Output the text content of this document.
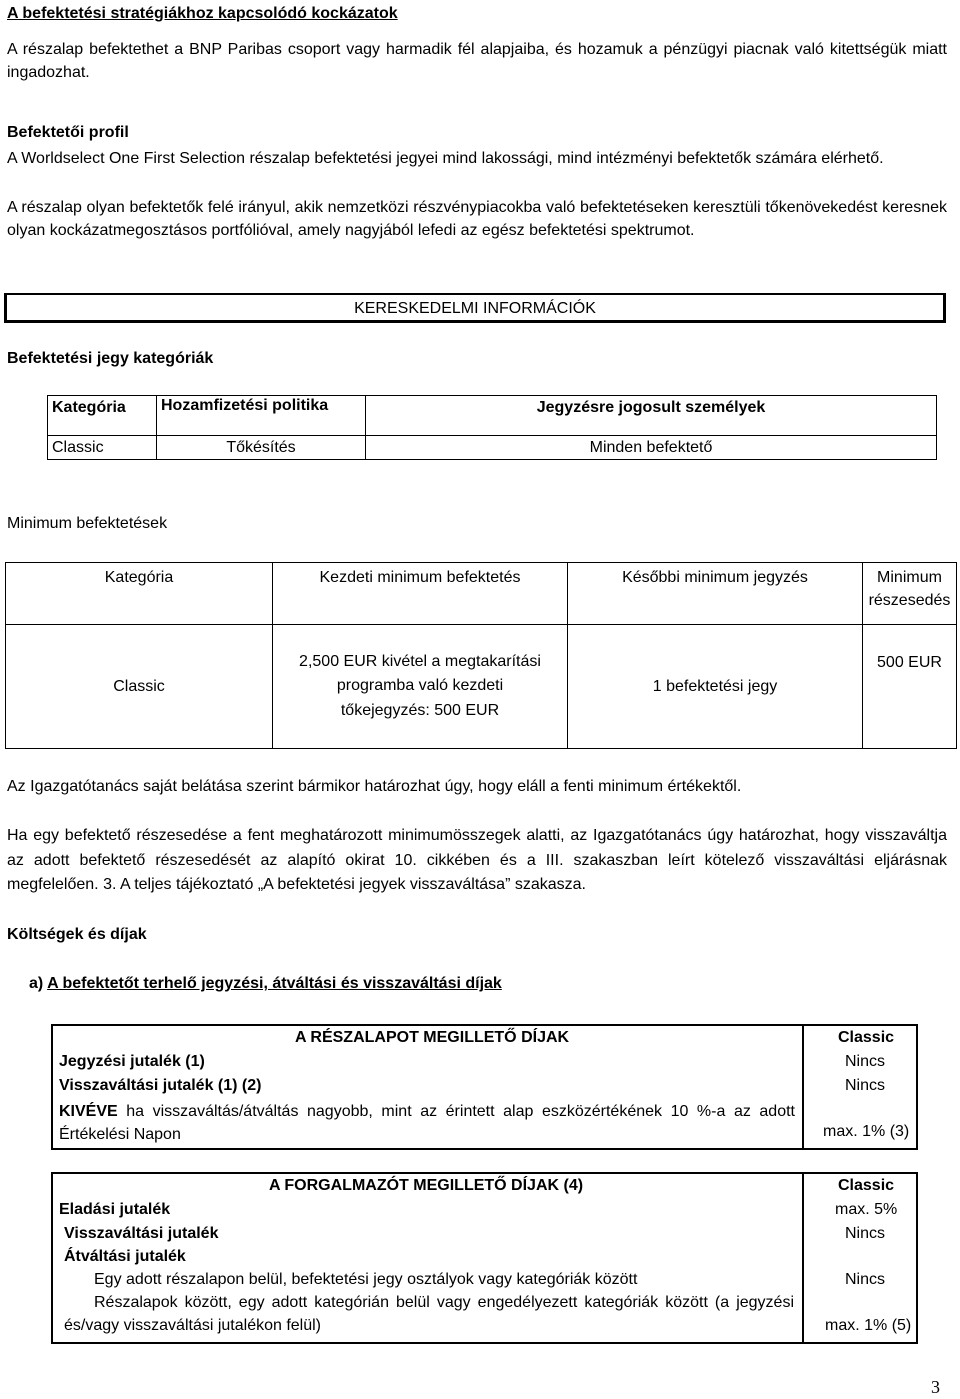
A befektetési stratégiákhoz kapcsolódó kockázatok

A részalap befektethet a BNP Paribas csoport vagy harmadik fél alapjaiba, és hozamuk a pénzügyi piacnak való kitettségük miatt ingadozhat.

Befektetői profil

A Worldselect One First Selection részalap befektetési jegyei mind lakossági, mind intézményi befektetők számára elérhető.

A részalap olyan befektetők felé irányul, akik nemzetközi részvénypiacokba való befektetéseken keresztüli tőkenövekedést keresnek olyan kockázatmegosztásos portfólióval, amely nagyjából lefedi az egész befektetési spektrumot.

KERESKEDELMI INFORMÁCIÓK

Befektetési jegy kategóriák

Kategória	Hozamfizetési politika	Jegyzésre jogosult személyek
Classic	Tőkésítés	Minden befektető

Minimum befektetések

Kategória	Kezdeti minimum befektetés	Későbbi minimum jegyzés	Minimum részesedés
Classic	2,500 EUR kivétel a megtakarítási programba való kezdeti tőkejegyzés: 500 EUR	1 befektetési jegy	500 EUR

Az Igazgatótanács saját belátása szerint bármikor határozhat úgy, hogy eláll a fenti minimum értékektől.

Ha egy befektető részesedése a fent meghatározott minimumösszegek alatti, az Igazgatótanács úgy határozhat, hogy visszaváltja az adott befektető részesedését az alapító okirat 10. cikkében és a III. szakaszban leírt kötelező visszaváltási eljárásnak megfelelően. 3. A teljes tájékoztató „A befektetési jegyek visszaváltása” szakasza.

Költségek és díjak

a) A befektetőt terhelő jegyzési, átváltási és visszaváltási díjak

A RÉSZALAPOT MEGILLETŐ DÍJAK	Classic
Jegyzési jutalék (1)	Nincs
Visszaváltási jutalék (1) (2)	Nincs

KIVÉVE ha visszaváltás/átváltás nagyobb, mint az érintett alap eszközértékének 10 %-a az adott Értékelési Napon	max. 1% (3)
A FORGALMAZÓT MEGILLETŐ DÍJAK (4)	Classic
Eladási jutalék	max. 5%
Visszaváltási jutalék	Nincs
Átváltási jutalék
Egy adott részalapon belül, befektetési jegy osztályok vagy kategóriák között	Nincs

Részalapok között, egy adott kategórián belül vagy engedélyezett kategóriák között (a jegyzési és/vagy visszaváltási jutalékon felül)	max. 1% (5)
3
